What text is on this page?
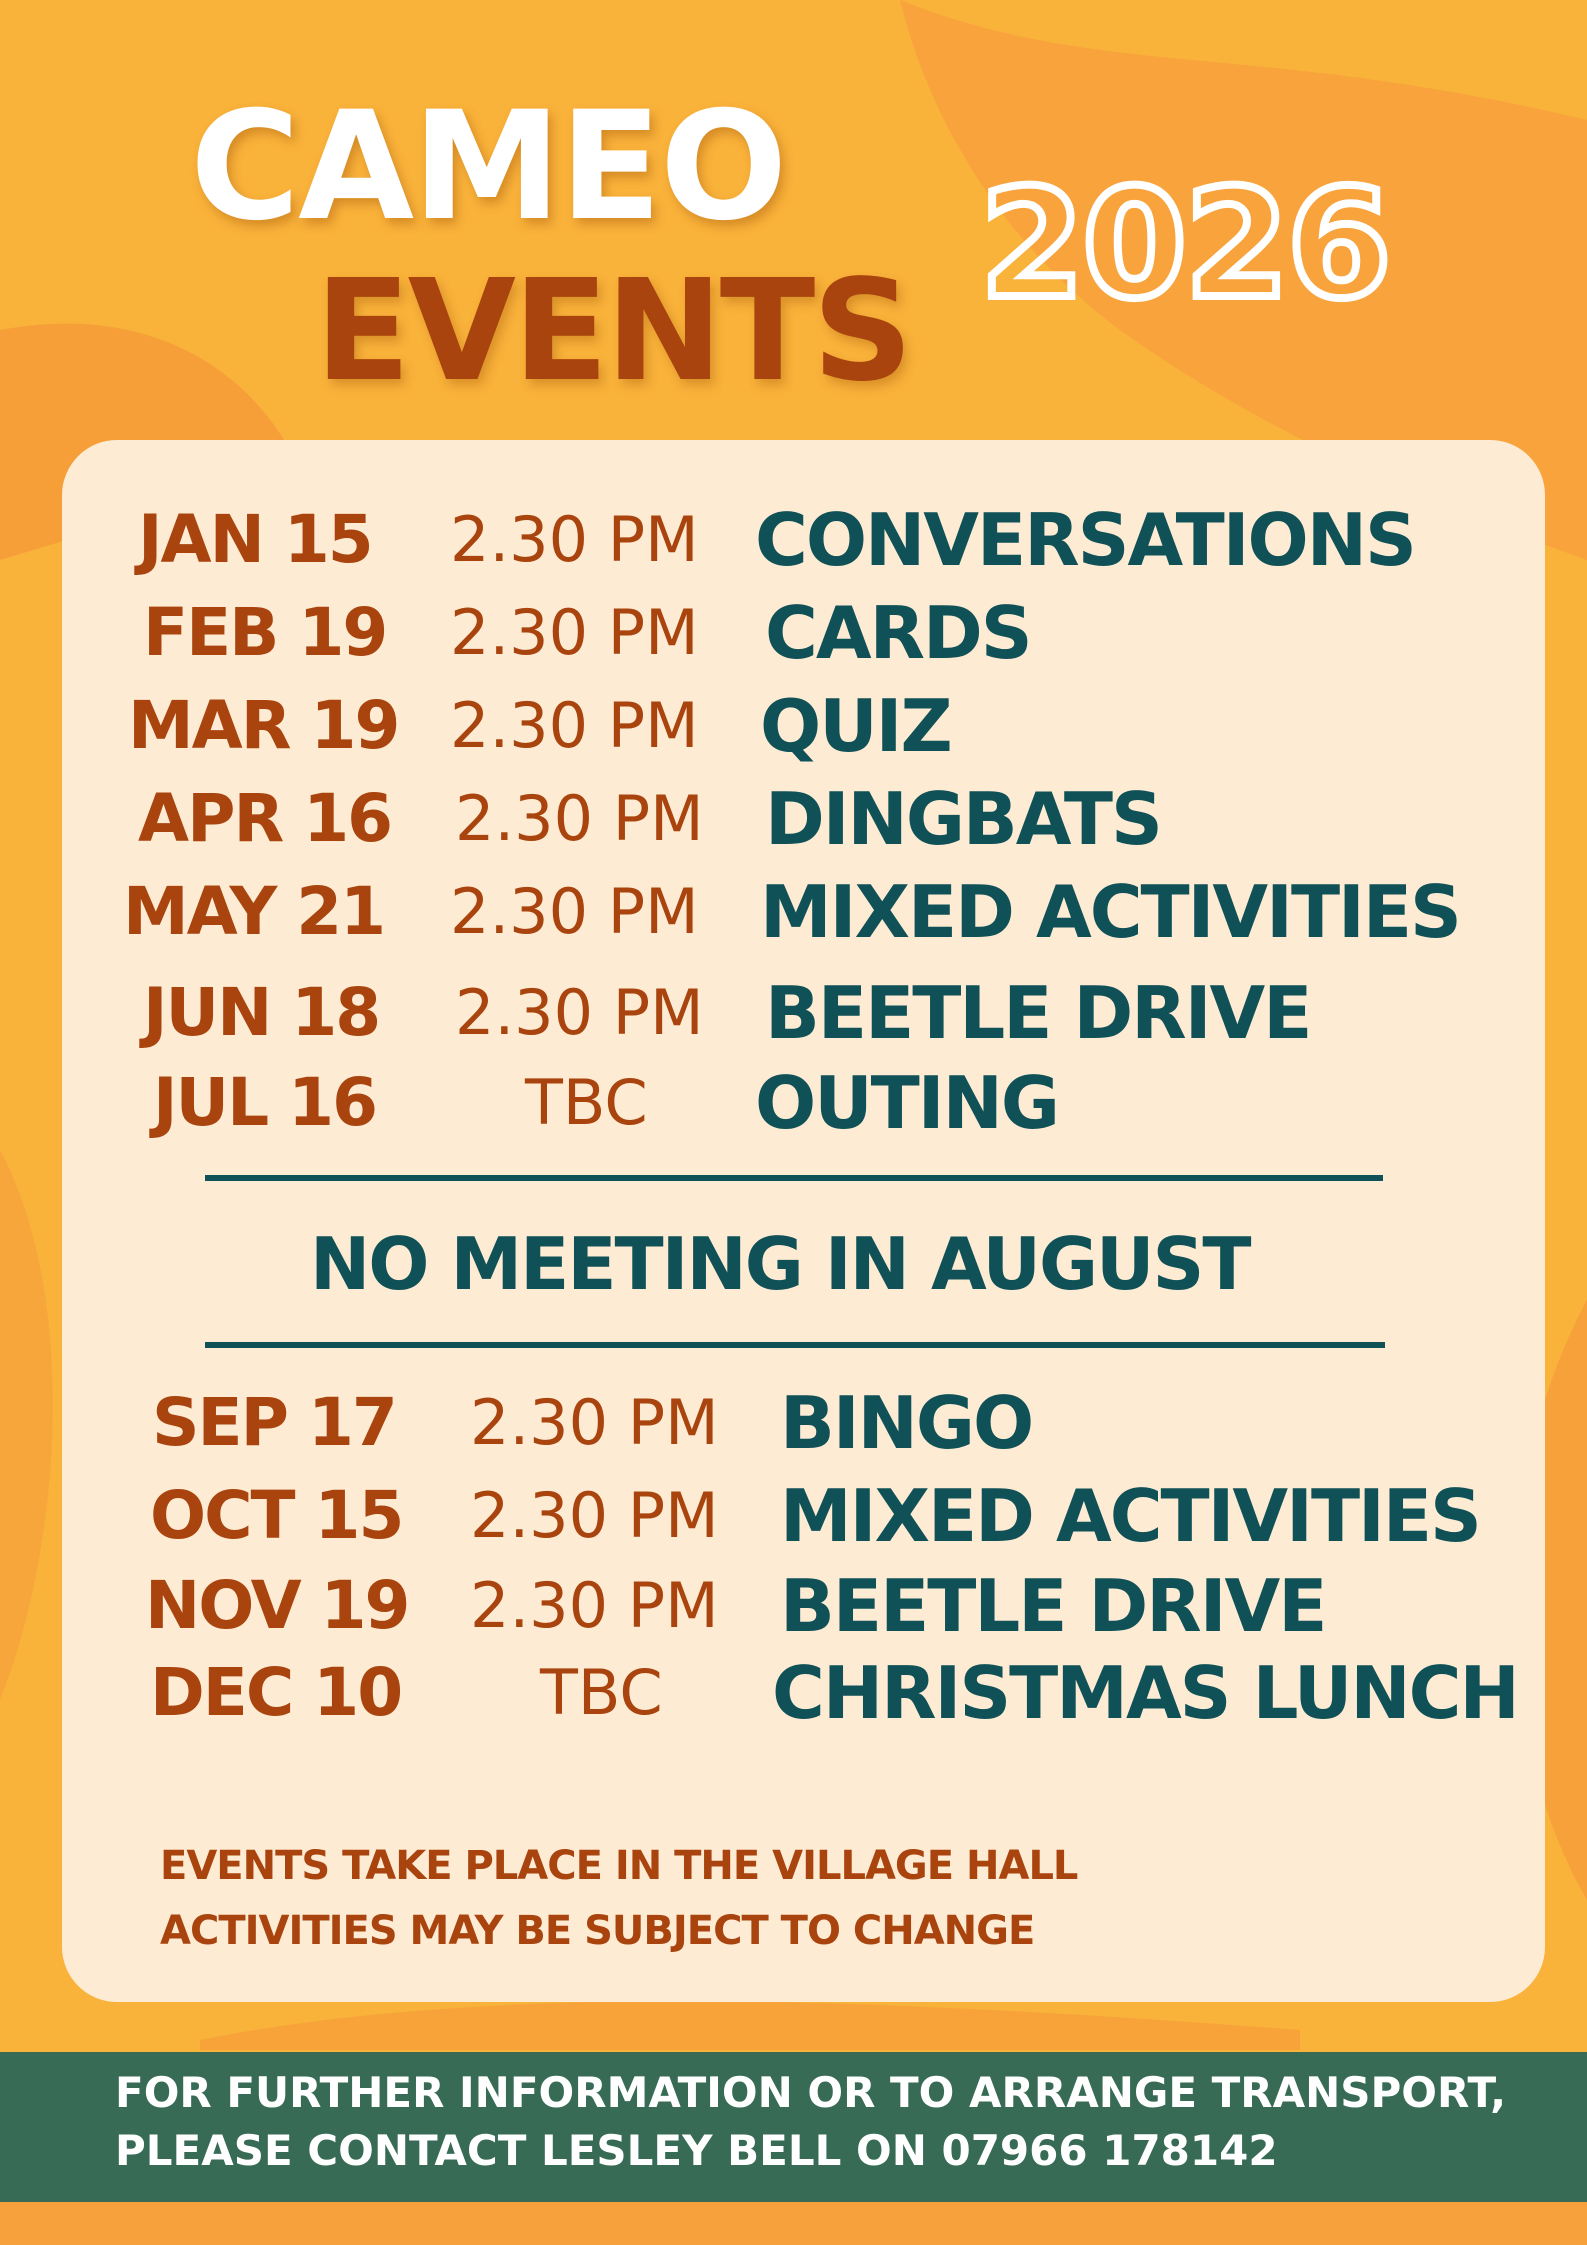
CAMEO
EVENTS 2026
JAN 15 2.30 PM CONVERSATIONS
FEB 19 2.30 PM CARDS
MAR 19 2.30 PM QUIZ
APR 16 2.30 PM DINGBATS
MAY 21 2.30 PM MIXED ACTIVITIES
JUN 18 2.30 PM BEETLE DRIVE
JUL 16 TBC OUTING
NO MEETING IN AUGUST
SEP 17 2.30 PM BINGO
OCT 15 2.30 PM MIXED ACTIVITIES
NOV 19 2.30 PM BEETLE DRIVE
DEC 10 TBC CHRISTMAS LUNCH
EVENTS TAKE PLACE IN THE VILLAGE HALL
ACTIVITIES MAY BE SUBJECT TO CHANGE
FOR FURTHER INFORMATION OR TO ARRANGE TRANSPORT,
PLEASE CONTACT LESLEY BELL ON 07966 178142
